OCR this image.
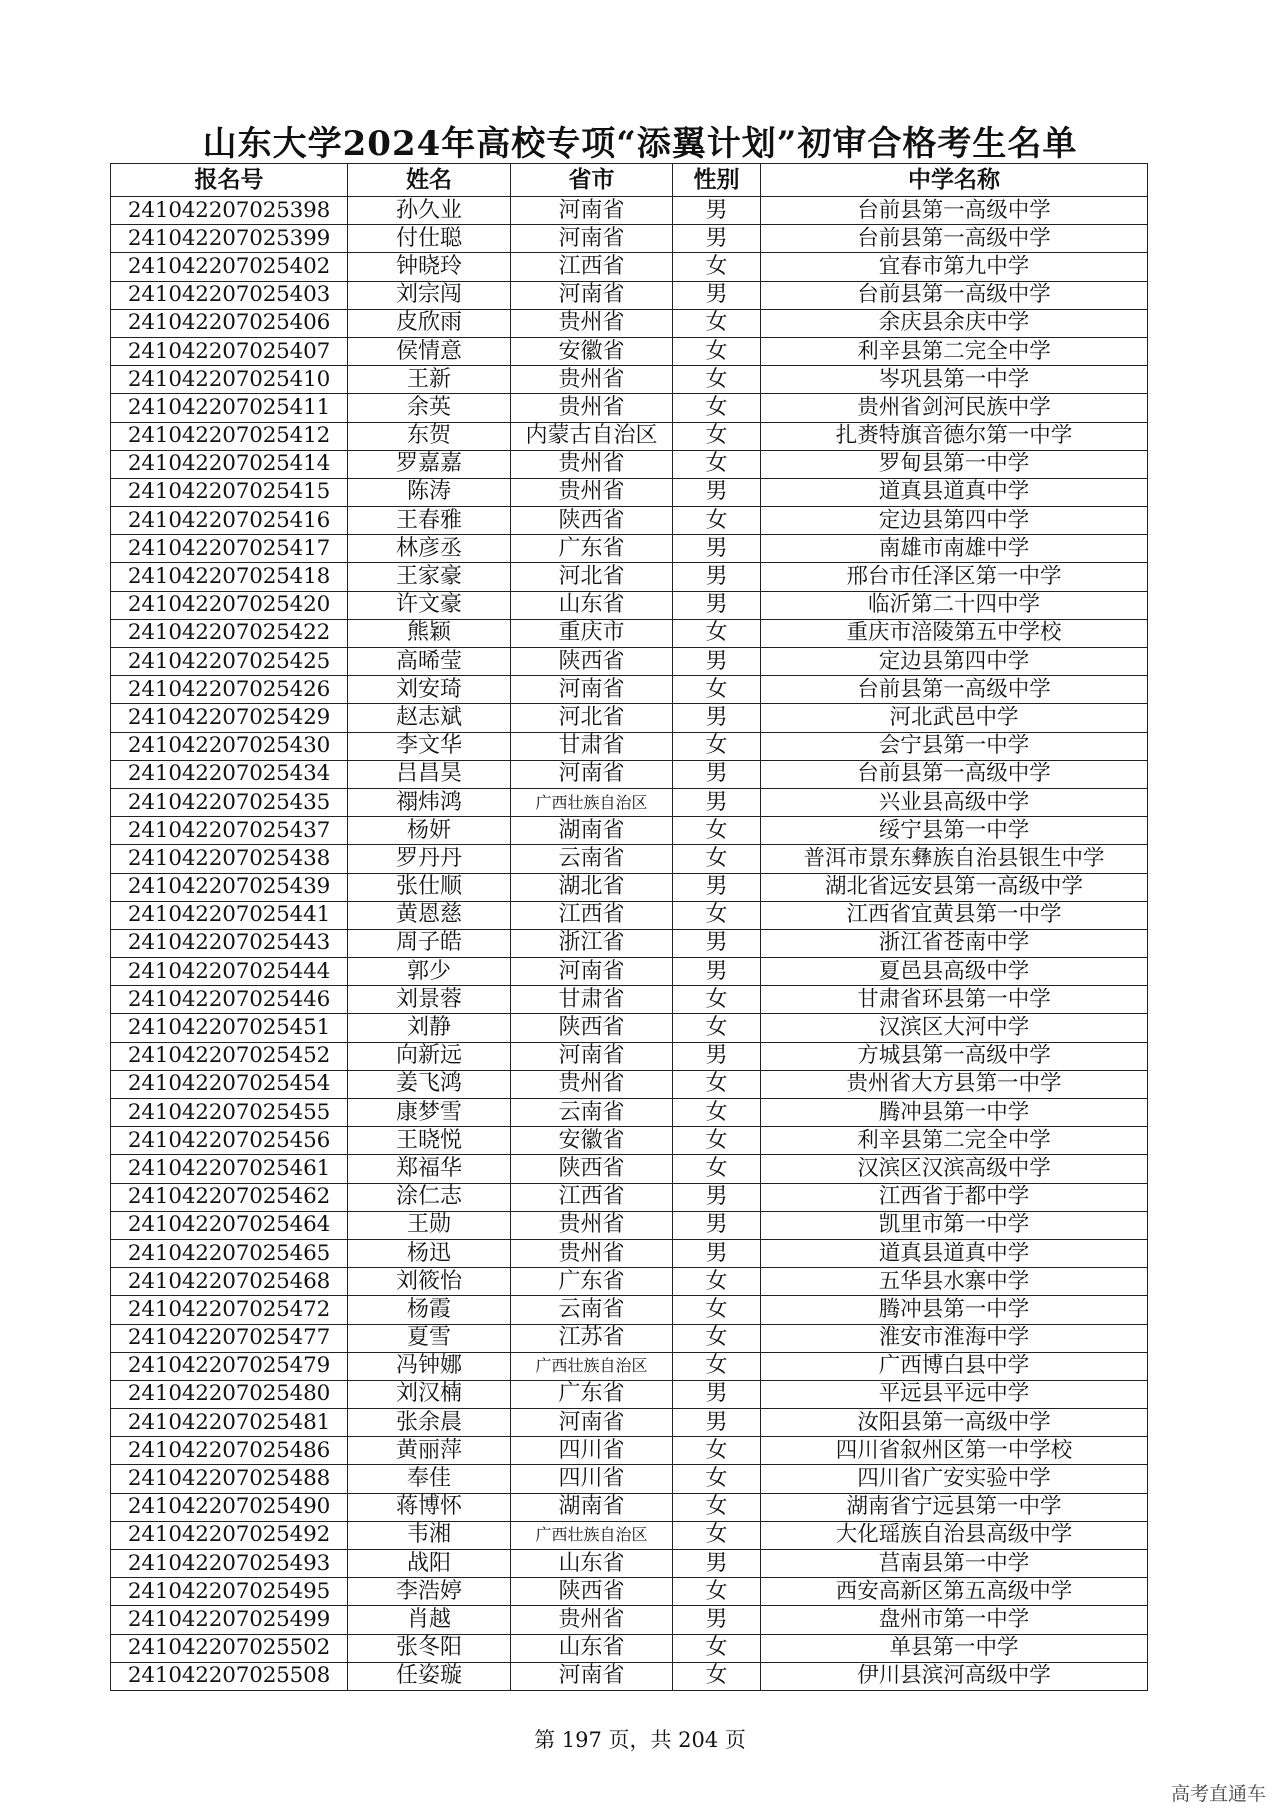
山东大学2024年高校专项“添翼计划”初审合格考生名单
报名号	姓名	省市	性别	中学名称
241042207025398	孙久业	河南省	男	台前县第一高级中学
241042207025399	付仕聪	河南省	男	台前县第一高级中学
241042207025402	钟晓玲	江西省	女	宜春市第九中学
241042207025403	刘宗闯	河南省	男	台前县第一高级中学
241042207025406	皮欣雨	贵州省	女	余庆县余庆中学
241042207025407	侯情意	安徽省	女	利辛县第二完全中学
241042207025410	王新	贵州省	女	岑巩县第一中学
241042207025411	余英	贵州省	女	贵州省剑河民族中学
241042207025412	东贺	内蒙古自治区	女	扎赉特旗音德尔第一中学
241042207025414	罗嘉嘉	贵州省	女	罗甸县第一中学
241042207025415	陈涛	贵州省	男	道真县道真中学
241042207025416	王春雅	陕西省	女	定边县第四中学
241042207025417	林彦丞	广东省	男	南雄市南雄中学
241042207025418	王家豪	河北省	男	邢台市任泽区第一中学
241042207025420	许文豪	山东省	男	临沂第二十四中学
241042207025422	熊颖	重庆市	女	重庆市涪陵第五中学校
241042207025425	高晞莹	陕西省	男	定边县第四中学
241042207025426	刘安琦	河南省	女	台前县第一高级中学
241042207025429	赵志斌	河北省	男	河北武邑中学
241042207025430	李文华	甘肃省	女	会宁县第一中学
241042207025434	吕昌昊	河南省	男	台前县第一高级中学
241042207025435	禤炜鸿	广西壮族自治区	男	兴业县高级中学
241042207025437	杨妍	湖南省	女	绥宁县第一中学
241042207025438	罗丹丹	云南省	女	普洱市景东彝族自治县银生中学
241042207025439	张仕顺	湖北省	男	湖北省远安县第一高级中学
241042207025441	黄恩慈	江西省	女	江西省宜黄县第一中学
241042207025443	周子皓	浙江省	男	浙江省苍南中学
241042207025444	郭少	河南省	男	夏邑县高级中学
241042207025446	刘景蓉	甘肃省	女	甘肃省环县第一中学
241042207025451	刘静	陕西省	女	汉滨区大河中学
241042207025452	向新远	河南省	男	方城县第一高级中学
241042207025454	姜飞鸿	贵州省	女	贵州省大方县第一中学
241042207025455	康梦雪	云南省	女	腾冲县第一中学
241042207025456	王晓悦	安徽省	女	利辛县第二完全中学
241042207025461	郑福华	陕西省	女	汉滨区汉滨高级中学
241042207025462	涂仁志	江西省	男	江西省于都中学
241042207025464	王勋	贵州省	男	凯里市第一中学
241042207025465	杨迅	贵州省	男	道真县道真中学
241042207025468	刘筱怡	广东省	女	五华县水寨中学
241042207025472	杨霞	云南省	女	腾冲县第一中学
241042207025477	夏雪	江苏省	女	淮安市淮海中学
241042207025479	冯钟娜	广西壮族自治区	女	广西博白县中学
241042207025480	刘汉楠	广东省	男	平远县平远中学
241042207025481	张余晨	河南省	男	汝阳县第一高级中学
241042207025486	黄丽萍	四川省	女	四川省叙州区第一中学校
241042207025488	奉佳	四川省	女	四川省广安实验中学
241042207025490	蒋博怀	湖南省	女	湖南省宁远县第一中学
241042207025492	韦湘	广西壮族自治区	女	大化瑶族自治县高级中学
241042207025493	战阳	山东省	男	莒南县第一中学
241042207025495	李浩婷	陕西省	女	西安高新区第五高级中学
241042207025499	肖越	贵州省	男	盘州市第一中学
241042207025502	张冬阳	山东省	女	单县第一中学
241042207025508	任姿璇	河南省	女	伊川县滨河高级中学
第 197 页，共 204 页
高考直通车
